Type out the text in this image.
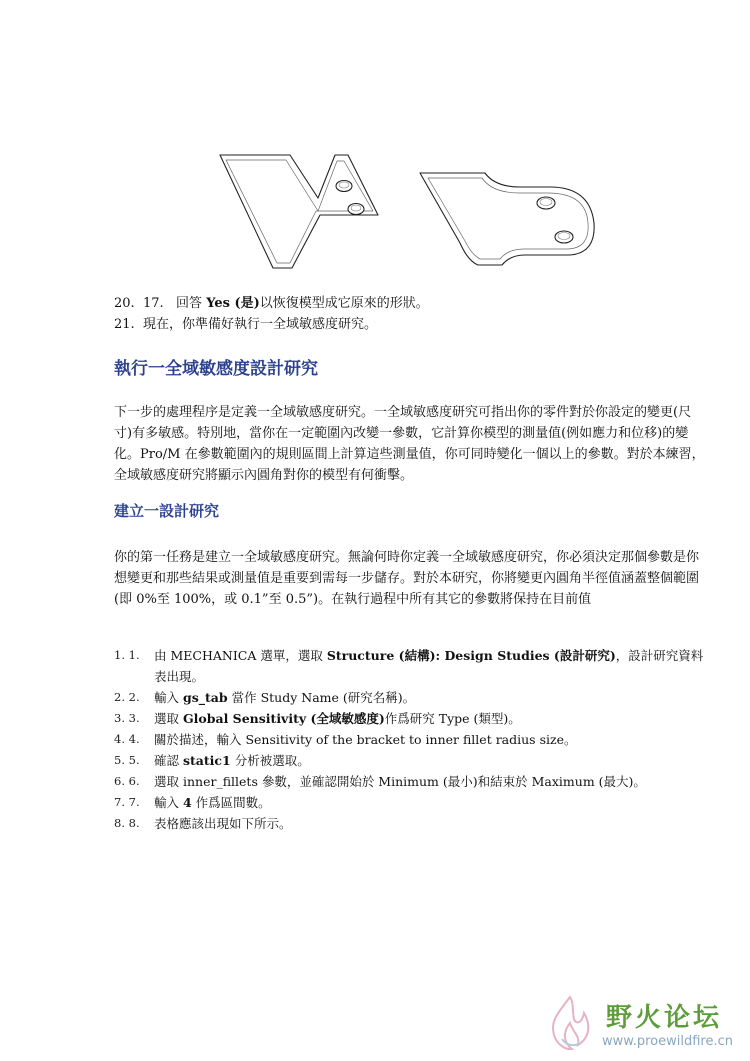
20. 17. 回答 Yes (是)以恢復模型成它原來的形狀。
21. 現在，你準備好執行一全域敏感度研究。
執行一全域敏感度設計研究
下一步的處理程序是定義一全域敏感度研究。一全域敏感度研究可指出你的零件對於你設定的變更(尺寸)有多敏感。特別地，當你在一定範圍內改變一參數，它計算你模型的測量值(例如應力和位移)的變化。Pro/M 在參數範圍內的規則區間上計算這些測量值，你可同時變化一個以上的參數。對於本練習，全域敏感度研究將顯示內圓角對你的模型有何衝擊。
建立一設計研究
你的第一任務是建立一全域敏感度研究。無論何時你定義一全域敏感度研究，你必須決定那個參數是你想變更和那些結果或測量值是重要到需每一步儲存。對於本研究，你將變更內圓角半徑值涵蓋整個範圍 (即 0%至 100%，或 0.1”至 0.5”)。在執行過程中所有其它的參數將保持在目前值
1. 1. 由 MECHANICA 選單，選取 Structure (結構): Design Studies (設計研究)，設計研究資料表出現。
2. 2. 輸入 gs_tab 當作 Study Name (研究名稱)。
3. 3. 選取 Global Sensitivity (全域敏感度)作爲研究 Type (類型)。
4. 4. 關於描述，輸入 Sensitivity of the bracket to inner fillet radius size。
5. 5. 確認 static1 分析被選取。
6. 6. 選取 inner_fillets 參數，並確認開始於 Minimum (最小)和結束於 Maximum (最大)。
7. 7. 輸入 4 作爲區間數。
8. 8. 表格應該出現如下所示。
野火论坛
www.proewildfire.cn
